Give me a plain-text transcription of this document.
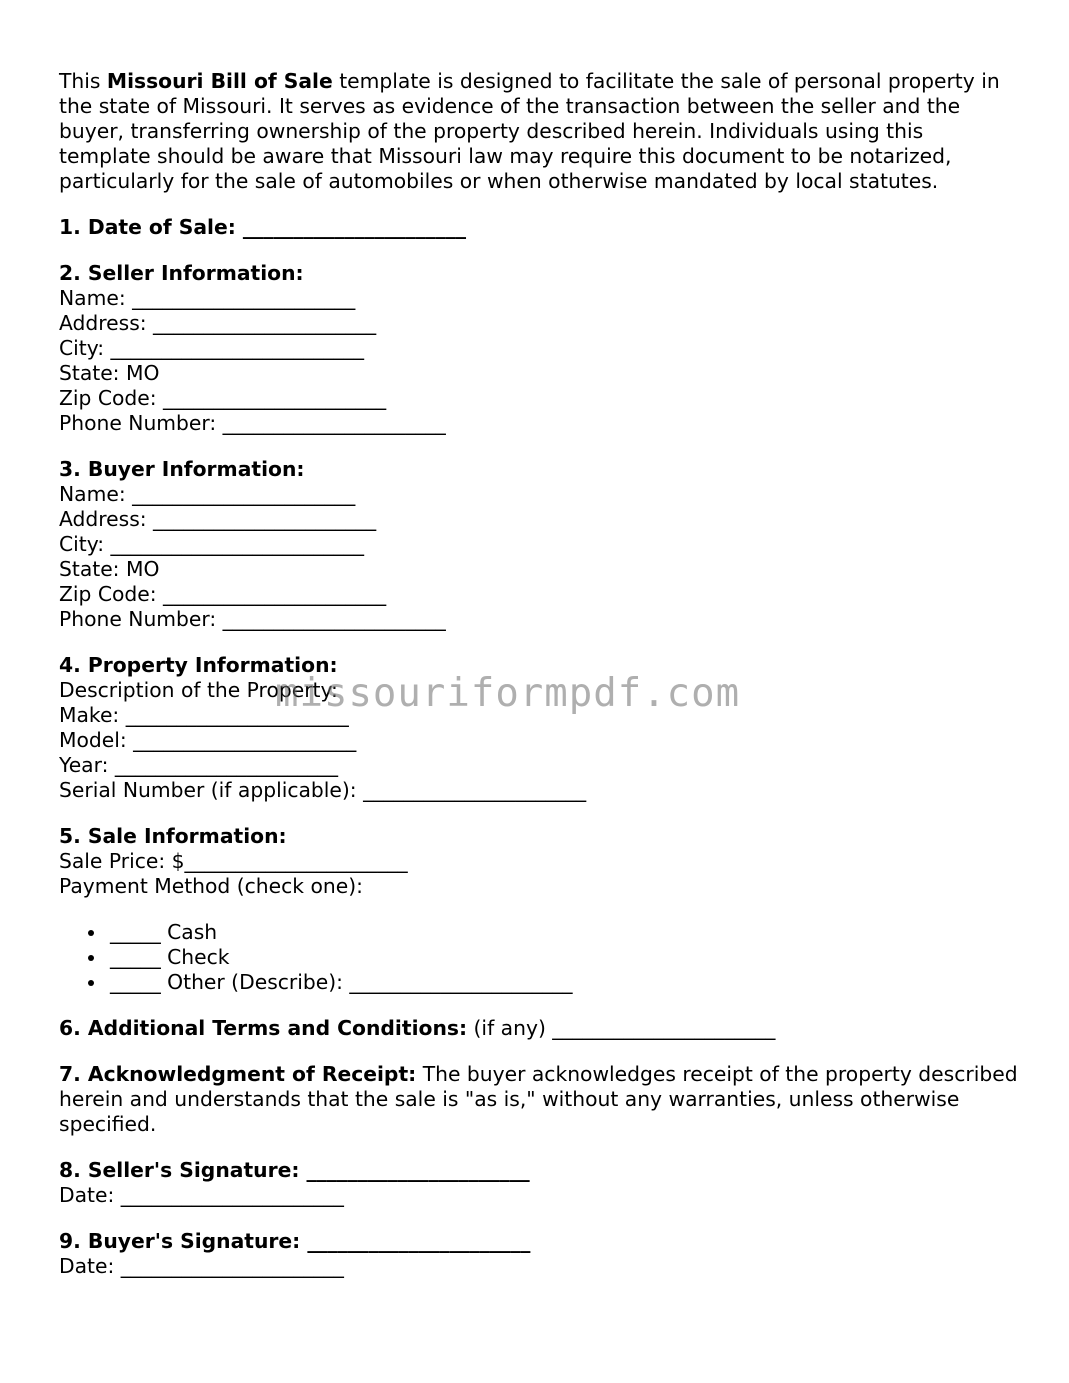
This Missouri Bill of Sale template is designed to facilitate the sale of personal property in the state of Missouri. It serves as evidence of the transaction between the seller and the buyer, transferring ownership of the property described herein. Individuals using this template should be aware that Missouri law may require this document to be notarized, particularly for the sale of automobiles or when otherwise mandated by local statutes.

1. Date of Sale: ______________________

2. Seller Information:

Name: ______________________

Address: ______________________

City: _________________________

State: MO

Zip Code: ______________________

Phone Number: ______________________

3. Buyer Information:

Name: ______________________

Address: ______________________

City: _________________________

State: MO

Zip Code: ______________________

Phone Number: ______________________

4. Property Information:

Description of the Property:

Make: ______________________

Model: ______________________

Year: ______________________

Serial Number (if applicable): ______________________

5. Sale Information:

Sale Price: $______________________

Payment Method (check one):

_____ Cash
_____ Check
_____ Other (Describe): ______________________

6. Additional Terms and Conditions: (if any) ______________________

7. Acknowledgment of Receipt: The buyer acknowledges receipt of the property described herein and understands that the sale is "as is," without any warranties, unless otherwise specified.

8. Seller's Signature: ______________________

Date: ______________________

9. Buyer's Signature: ______________________

Date: ______________________

missouriformpdf.com
